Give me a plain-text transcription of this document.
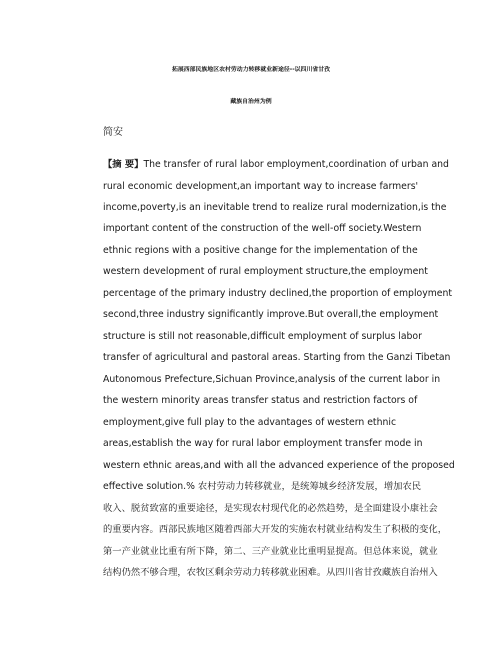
拓展西部民族地区农村劳动力转移就业新途径--以四川省甘孜
藏族自治州为例
简安
【摘 要】The transfer of rural labor employment,coordination of urban and
rural economic development,an important way to increase farmers'
income,poverty,is an inevitable trend to realize rural modernization,is the
important content of the construction of the well-off society.Western
ethnic regions with a positive change for the implementation of the
western development of rural employment structure,the employment
percentage of the primary industry declined,the proportion of employment
second,three industry significantly improve.But overall,the employment
structure is still not reasonable,difficult employment of surplus labor
transfer of agricultural and pastoral areas. Starting from the Ganzi Tibetan
Autonomous Prefecture,Sichuan Province,analysis of the current labor in
the western minority areas transfer status and restriction factors of
employment,give full play to the advantages of western ethnic
areas,establish the way for rural labor employment transfer mode in
western ethnic areas,and with all the advanced experience of the proposed
effective solution.% 农村劳动力转移就业，是统筹城乡经济发展，增加农民
收入、脱贫致富的重要途径，是实现农村现代化的必然趋势，是全面建设小康社会
的重要内容。西部民族地区随着西部大开发的实施农村就业结构发生了积极的变化，
第一产业就业比重有所下降，第二、三产业就业比重明显提高。但总体来说，就业
结构仍然不够合理，农牧区剩余劳动力转移就业困难。从四川省甘孜藏族自治州入
